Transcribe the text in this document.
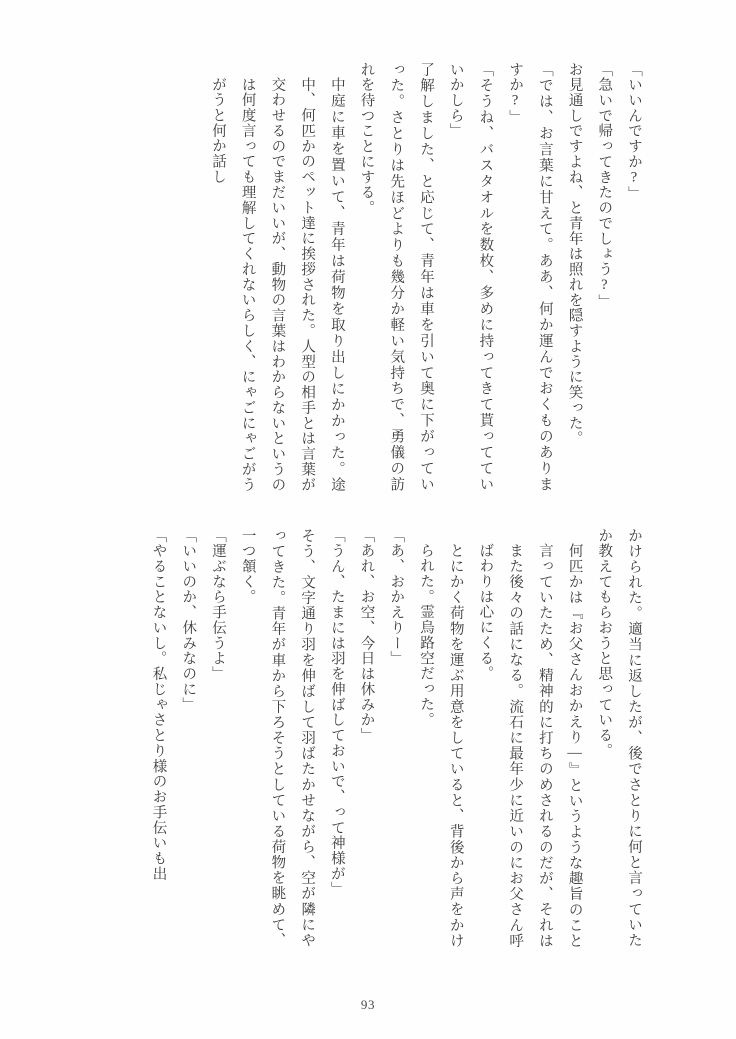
「いいんですか?」

「急いで帰ってきたのでしょう?」

お見通しですよね、と青年は照れを隠すように笑った。

「では、お言葉に甘えて。ああ、何か運んでおくものありますか?」

「そうね、バスタオルを数枚、多めに持ってきて貰ってていいかしら」

了解しました、と応じて、青年は車を引いて奥に下がっていった。さとりは先ほどよりも幾分か軽い気持ちで、勇儀の訪れを待つことにする。

中庭に車を置いて、青年は荷物を取り出しにかかった。途中、何匹かのペット達に挨拶された。人型の相手とは言葉が交わせるのでまだいいが、動物の言葉はわからないというのは何度言っても理解してくれないらしく、にゃごにゃごがうがうと何か話し

かけられた。適当に返したが、後でさとりに何と言っていたか教えてもらおうと思っている。

何匹かは『お父さんおかえり―』というような趣旨のこと言っていたため、精神的に打ちのめされるのだが、それはまた後々の話になる。流石に最年少に近いのにお父さん呼ばわりは心にくる。

とにかく荷物を運ぶ用意をしていると、背後から声をかけられた。霊烏路空だった。

「あ、おかえりー」

「あれ、お空、今日は休みか」

「うん、たまには羽を伸ばしておいで、って神様が」

そう、文字通り羽を伸ばして羽ばたかせながら、空が隣にやってきた。青年が車から下ろそうとしている荷物を眺めて、一つ頷く。

「運ぶなら手伝うよ」

「いいのか、休みなのに」

「やることないし。私じゃさとり様のお手伝いも出

93
